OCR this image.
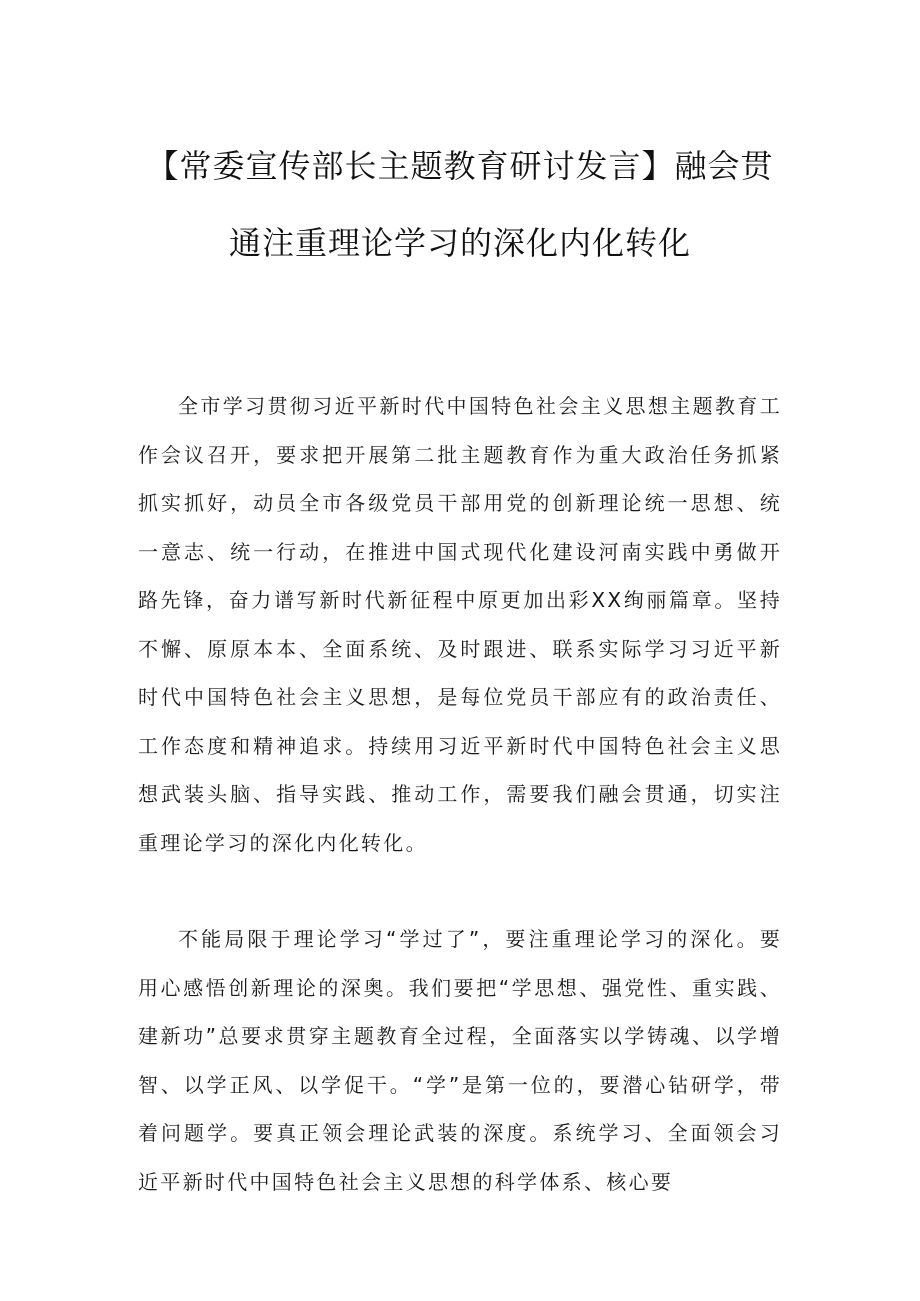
【常委宣传部长主题教育研讨发言】融会贯
通注重理论学习的深化内化转化

全市学习贯彻习近平新时代中国特色社会主义思想主题教育工作会议召开，要求把开展第二批主题教育作为重大政治任务抓紧抓实抓好，动员全市各级党员干部用党的创新理论统一思想、统一意志、统一行动，在推进中国式现代化建设河南实践中勇做开路先锋，奋力谱写新时代新征程中原更加出彩XX绚丽篇章。坚持不懈、原原本本、全面系统、及时跟进、联系实际学习习近平新时代中国特色社会主义思想，是每位党员干部应有的政治责任、工作态度和精神追求。持续用习近平新时代中国特色社会主义思想武装头脑、指导实践、推动工作，需要我们融会贯通，切实注重理论学习的深化内化转化。

不能局限于理论学习“学过了”，要注重理论学习的深化。要用心感悟创新理论的深奥。我们要把“学思想、强党性、重实践、建新功”总要求贯穿主题教育全过程，全面落实以学铸魂、以学增智、以学正风、以学促干。“学”是第一位的，要潜心钻研学，带着问题学。要真正领会理论武装的深度。系统学习、全面领会习近平新时代中国特色社会主义思想的科学体系、核心要
